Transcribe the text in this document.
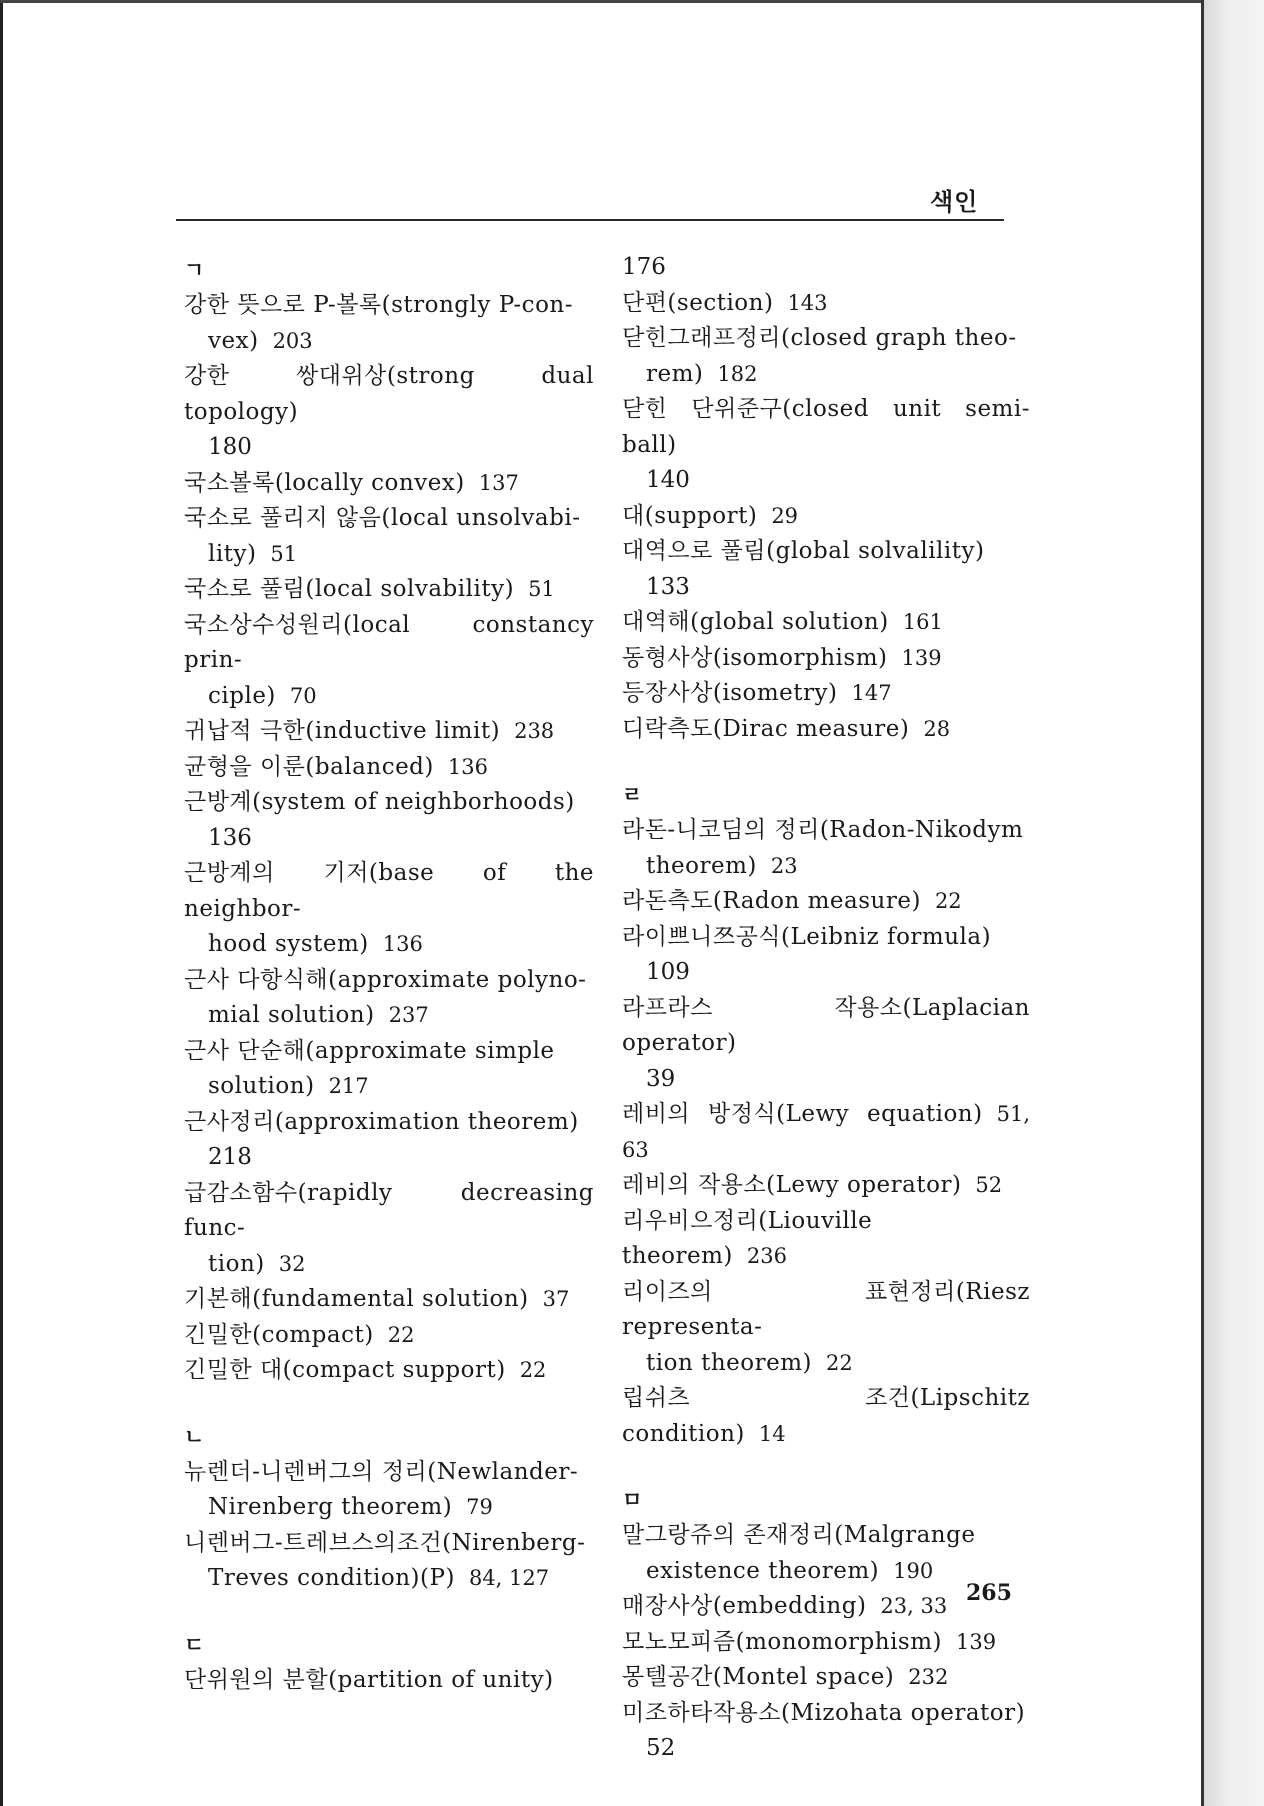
색인
ㄱ
강한 뜻으로 P-볼록(strongly P-con-
vex) 203
강한 쌍대위상(strong dual topology)
180
국소볼록(locally convex) 137
국소로 풀리지 않음(local unsolvabi-
lity) 51
국소로 풀림(local solvability) 51
국소상수성원리(local constancy prin-
ciple) 70
귀납적 극한(inductive limit) 238
균형을 이룬(balanced) 136
근방계(system of neighborhoods)
136
근방계의 기저(base of the neighbor-
hood system) 136
근사 다항식해(approximate polyno-
mial solution) 237
근사 단순해(approximate simple
solution) 217
근사정리(approximation theorem)
218
급감소함수(rapidly decreasing func-
tion) 32
기본해(fundamental solution) 37
긴밀한(compact) 22
긴밀한 대(compact support) 22
ㄴ
뉴렌더-니렌버그의 정리(Newlander-
Nirenberg theorem) 79
니렌버그-트레브스의조건(Nirenberg-
Treves condition)(P) 84, 127
ㄷ
단위원의 분할(partition of unity)
176
단편(section) 143
닫힌그래프정리(closed graph theo-
rem) 182
닫힌 단위준구(closed unit semi-ball)
140
대(support) 29
대역으로 풀림(global solvalility)
133
대역해(global solution) 161
동형사상(isomorphism) 139
등장사상(isometry) 147
디락측도(Dirac measure) 28
ㄹ
라돈-니코딤의 정리(Radon-Nikodym
theorem) 23
라돈측도(Radon measure) 22
라이쁘니쯔공식(Leibniz formula)
109
라프라스 작용소(Laplacian operator)
39
레비의 방정식(Lewy equation) 51, 63
레비의 작용소(Lewy operator) 52
리우비으정리(Liouville theorem) 236
리이즈의 표현정리(Riesz representa-
tion theorem) 22
립쉬츠 조건(Lipschitz condition) 14
ㅁ
말그랑쥬의 존재정리(Malgrange
existence theorem) 190
매장사상(embedding) 23, 33
모노모피즘(monomorphism) 139
몽텔공간(Montel space) 232
미조하타작용소(Mizohata operator)
52
265
